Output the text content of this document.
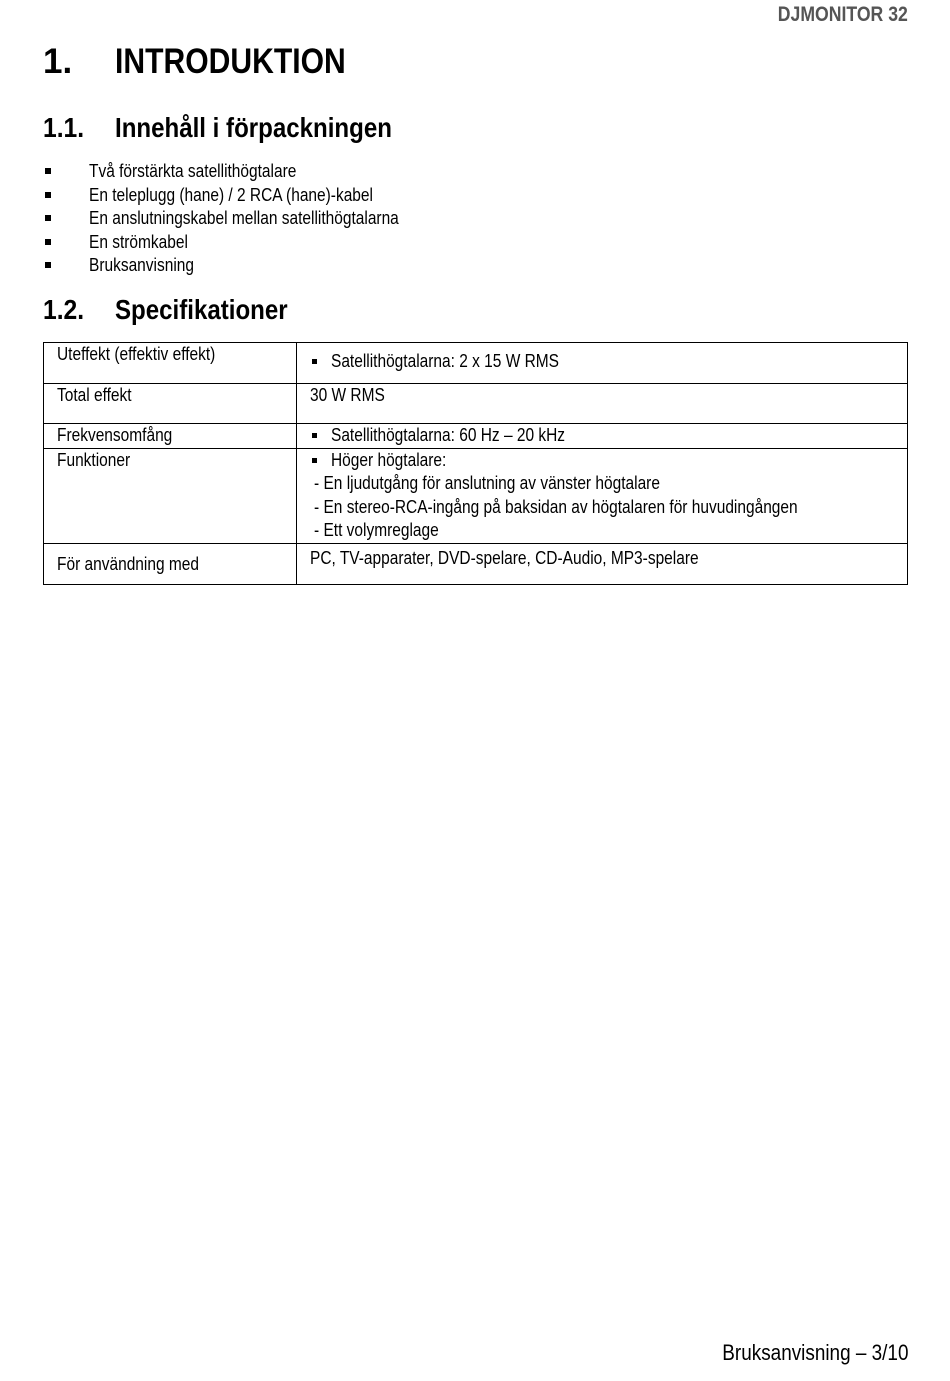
DJMONITOR 32
1. INTRODUKTION
1.1. Innehåll i förpackningen
Två förstärkta satellithögtalare
En teleplugg (hane) / 2 RCA (hane)-kabel
En anslutningskabel mellan satellithögtalarna
En strömkabel
Bruksanvisning
1.2. Specifikationer
Uteffekt (effektiv effekt)	Satellithögtalarna: 2 x 15 W RMS

Total effekt	30 W RMS
Frekvensomfång	Satellithögtalarna: 60 Hz – 20 kHz

Funktioner	Höger högtalare:
- En ljudutgång för anslutning av vänster högtalare
- En stereo-RCA-ingång på baksidan av högtalaren för huvudingången
- Ett volymreglage

För användning med	PC, TV-apparater, DVD-spelare, CD-Audio, MP3-spelare
Bruksanvisning – 3/10
